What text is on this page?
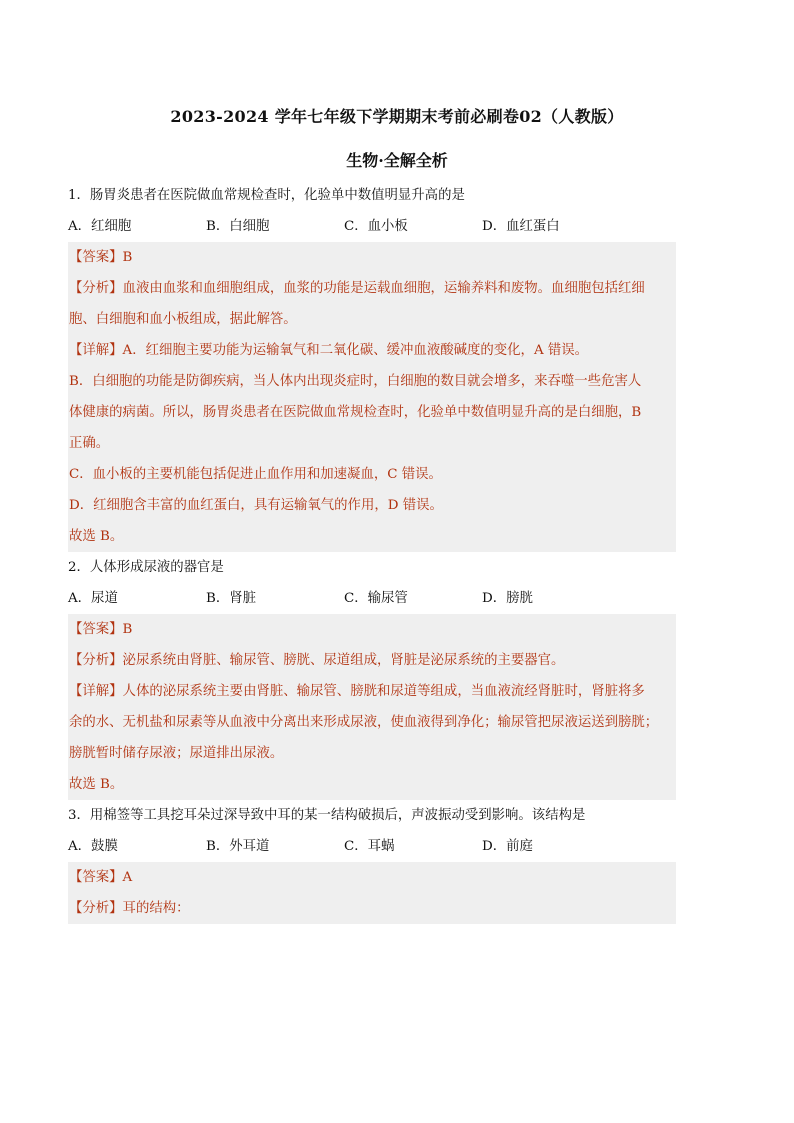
2023-2024 学年七年级下学期期末考前必刷卷02（人教版）
生物·全解全析
1．肠胃炎患者在医院做血常规检查时，化验单中数值明显升高的是
A．红细胞	B．白细胞	C．血小板	D．血红蛋白
【答案】B
【分析】血液由血浆和血细胞组成，血浆的功能是运载血细胞，运输养料和废物。血细胞包括红细
胞、白细胞和血小板组成，据此解答。
【详解】A．红细胞主要功能为运输氧气和二氧化碳、缓冲血液酸碱度的变化，A 错误。
B．白细胞的功能是防御疾病，当人体内出现炎症时，白细胞的数目就会增多，来吞噬一些危害人
体健康的病菌。所以，肠胃炎患者在医院做血常规检查时，化验单中数值明显升高的是白细胞，B
正确。
C．血小板的主要机能包括促进止血作用和加速凝血，C 错误。
D．红细胞含丰富的血红蛋白，具有运输氧气的作用，D 错误。
故选 B。
2．人体形成尿液的器官是
A．尿道	B．肾脏	C．输尿管	D．膀胱
【答案】B
【分析】泌尿系统由肾脏、输尿管、膀胱、尿道组成，肾脏是泌尿系统的主要器官。
【详解】人体的泌尿系统主要由肾脏、输尿管、膀胱和尿道等组成，当血液流经肾脏时，肾脏将多
余的水、无机盐和尿素等从血液中分离出来形成尿液，使血液得到净化；输尿管把尿液运送到膀胱；
膀胱暂时储存尿液；尿道排出尿液。
故选 B。
3．用棉签等工具挖耳朵过深导致中耳的某一结构破损后，声波振动受到影响。该结构是
A．鼓膜	B．外耳道	C．耳蜗	D．前庭
【答案】A
【分析】耳的结构：
